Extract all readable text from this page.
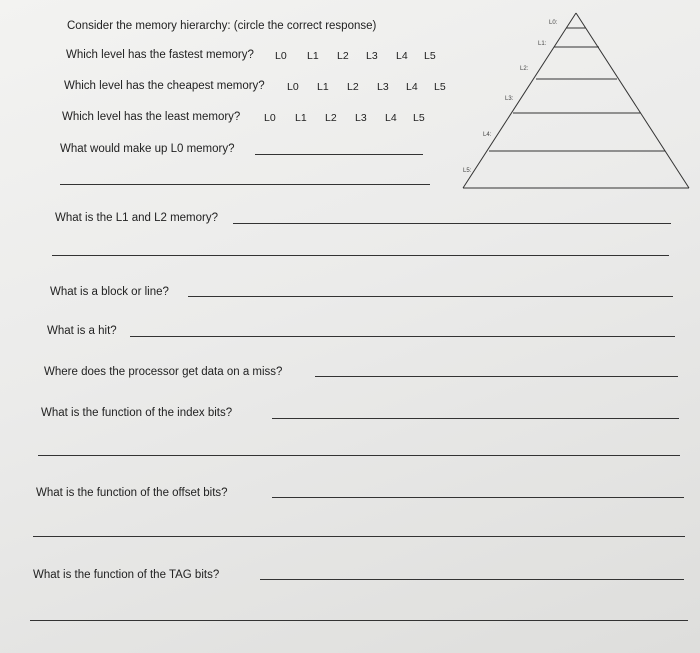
Consider the memory hierarchy: (circle the correct response)
Which level has the fastest memory? L0 L1 L2 L3 L4 L5
Which level has the cheapest memory? L0 L1 L2 L3 L4 L5
Which level has the least memory? L0 L1 L2 L3 L4 L5
What would make up L0 memory?
What is the L1 and L2 memory?
What is a block or line?
What is a hit?
Where does the processor get data on a miss?
What is the function of the index bits?
What is the function of the offset bits?
What is the function of the TAG bits?
L0:
L1:
L2:
L3:
L4:
L5:
